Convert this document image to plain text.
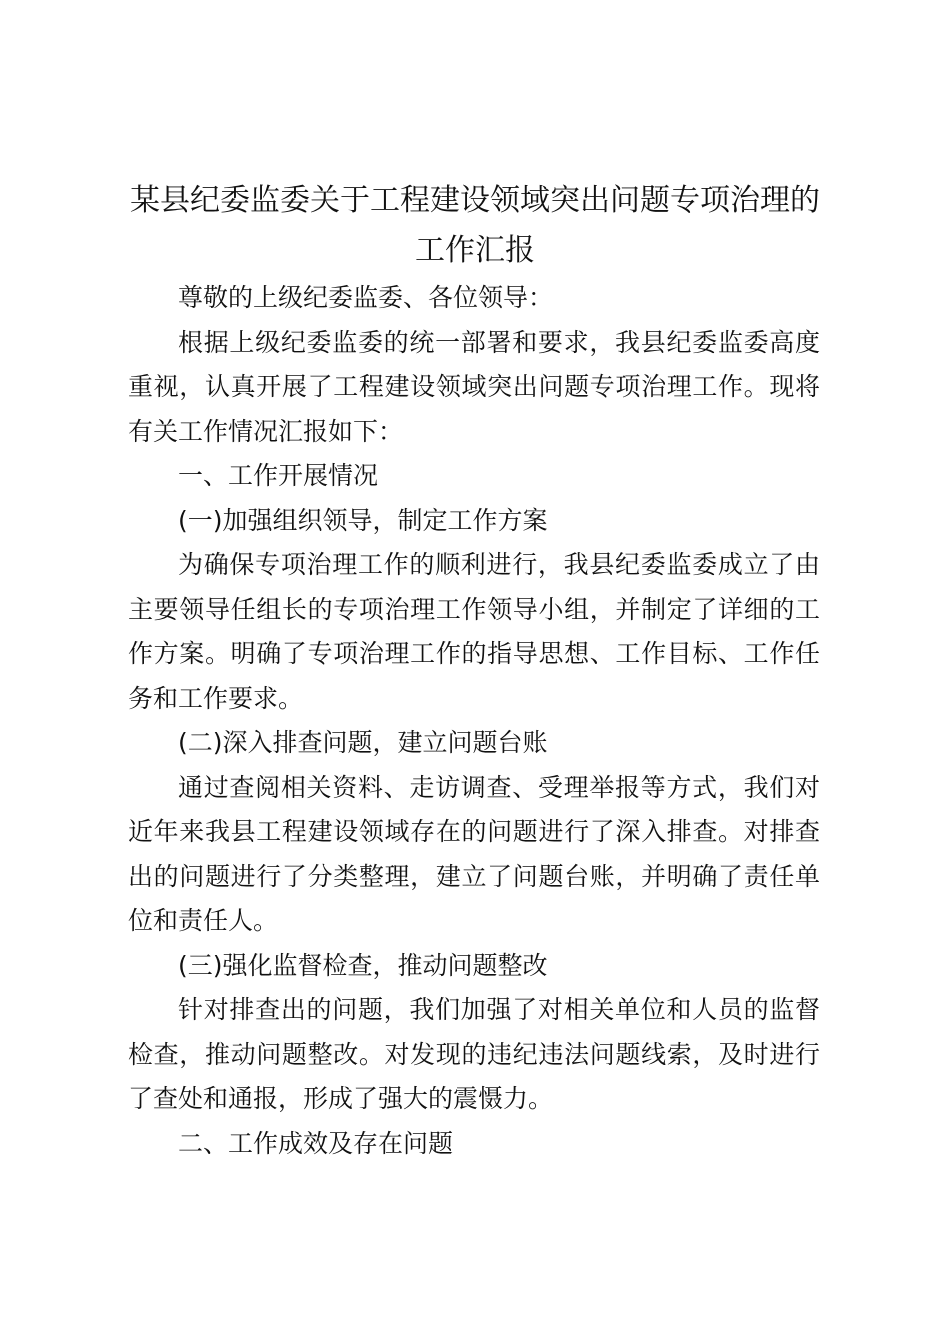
某县纪委监委关于工程建设领域突出问题专项治理的工作汇报

尊敬的上级纪委监委、各位领导：

根据上级纪委监委的统一部署和要求，我县纪委监委高度重视，认真开展了工程建设领域突出问题专项治理工作。现将有关工作情况汇报如下：

一、工作开展情况

(一)加强组织领导，制定工作方案

为确保专项治理工作的顺利进行，我县纪委监委成立了由主要领导任组长的专项治理工作领导小组，并制定了详细的工作方案。明确了专项治理工作的指导思想、工作目标、工作任务和工作要求。

(二)深入排查问题，建立问题台账

通过查阅相关资料、走访调查、受理举报等方式，我们对近年来我县工程建设领域存在的问题进行了深入排查。对排查出的问题进行了分类整理，建立了问题台账，并明确了责任单位和责任人。

(三)强化监督检查，推动问题整改

针对排查出的问题，我们加强了对相关单位和人员的监督检查，推动问题整改。对发现的违纪违法问题线索，及时进行了查处和通报，形成了强大的震慑力。

二、工作成效及存在问题
